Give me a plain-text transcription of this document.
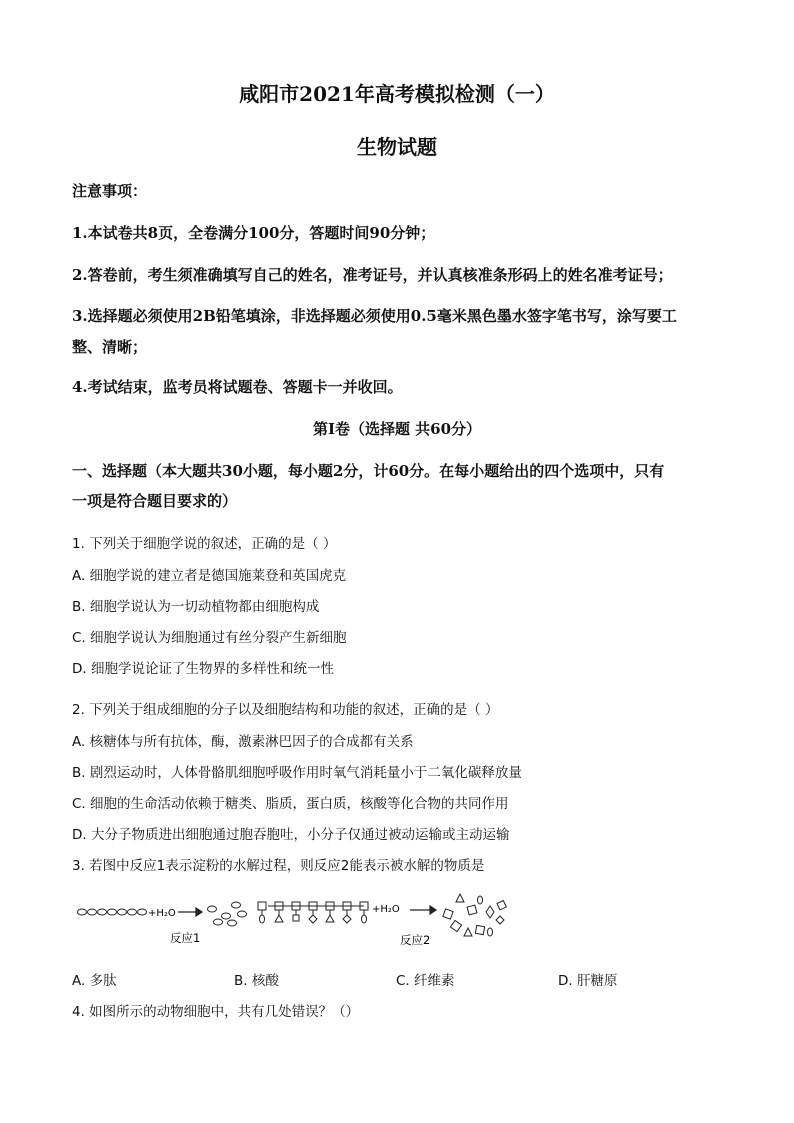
咸阳市2021年高考模拟检测（一）
生物试题
注意事项：
1.本试卷共8页，全卷满分100分，答题时间90分钟；
2.答卷前，考生须准确填写自己的姓名，准考证号，并认真核准条形码上的姓名准考证号；
3.选择题必须使用2B铅笔填涂，非选择题必须使用0.5毫米黑色墨水签字笔书写，涂写要工
整、清晰；
4.考试结束，监考员将试题卷、答题卡一并收回。
第Ⅰ卷（选择题 共60分）
一、选择题（本大题共30小题，每小题2分，计60分。在每小题给出的四个选项中，只有
一项是符合题目要求的）
1. 下列关于细胞学说的叙述，正确的是（ ）
A. 细胞学说的建立者是德国施莱登和英国虎克
B. 细胞学说认为一切动植物都由细胞构成
C. 细胞学说认为细胞通过有丝分裂产生新细胞
D. 细胞学说论证了生物界的多样性和统一性
2. 下列关于组成细胞的分子以及细胞结构和功能的叙述，正确的是（ ）
A. 核糖体与所有抗体，酶，激素淋巴因子的合成都有关系
B. 剧烈运动时，人体骨骼肌细胞呼吸作用时氧气消耗量小于二氧化碳释放量
C. 细胞的生命活动依赖于糖类、脂质，蛋白质，核酸等化合物的共同作用
D. 大分子物质进出细胞通过胞吞胞吐，小分子仅通过被动运输或主动运输
3. 若图中反应1表示淀粉的水解过程，则反应2能表示被水解的物质是
+H₂O
反应1
+H₂O
反应2
A. 多肽	B. 核酸	C. 纤维素	D. 肝糖原
4. 如图所示的动物细胞中，共有几处错误？（）
